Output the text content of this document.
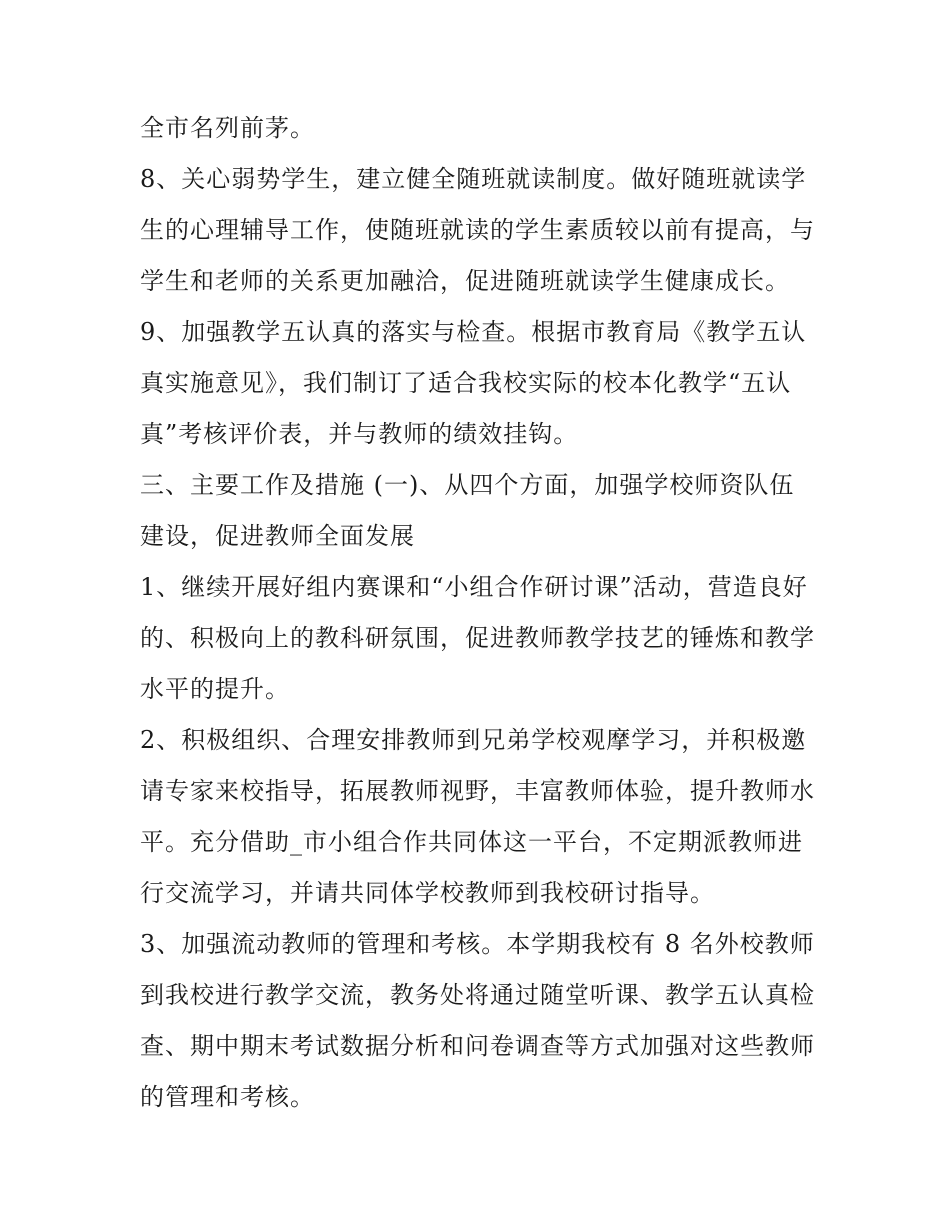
全市名列前茅。
8、关心弱势学生，建立健全随班就读制度。做好随班就读学
生的心理辅导工作，使随班就读的学生素质较以前有提高，与
学生和老师的关系更加融洽，促进随班就读学生健康成长。
9、加强教学五认真的落实与检查。根据市教育局《教学五认
真实施意见》，我们制订了适合我校实际的校本化教学“五认
真”考核评价表，并与教师的绩效挂钩。
三、主要工作及措施 (一)、从四个方面，加强学校师资队伍
建设，促进教师全面发展
1、继续开展好组内赛课和“小组合作研讨课”活动，营造良好
的、积极向上的教科研氛围，促进教师教学技艺的锤炼和教学
水平的提升。
2、积极组织、合理安排教师到兄弟学校观摩学习，并积极邀
请专家来校指导，拓展教师视野，丰富教师体验，提升教师水
平。充分借助_市小组合作共同体这一平台，不定期派教师进
行交流学习，并请共同体学校教师到我校研讨指导。
3、加强流动教师的管理和考核。本学期我校有 8 名外校教师
到我校进行教学交流，教务处将通过随堂听课、教学五认真检
查、期中期末考试数据分析和问卷调查等方式加强对这些教师
的管理和考核。
